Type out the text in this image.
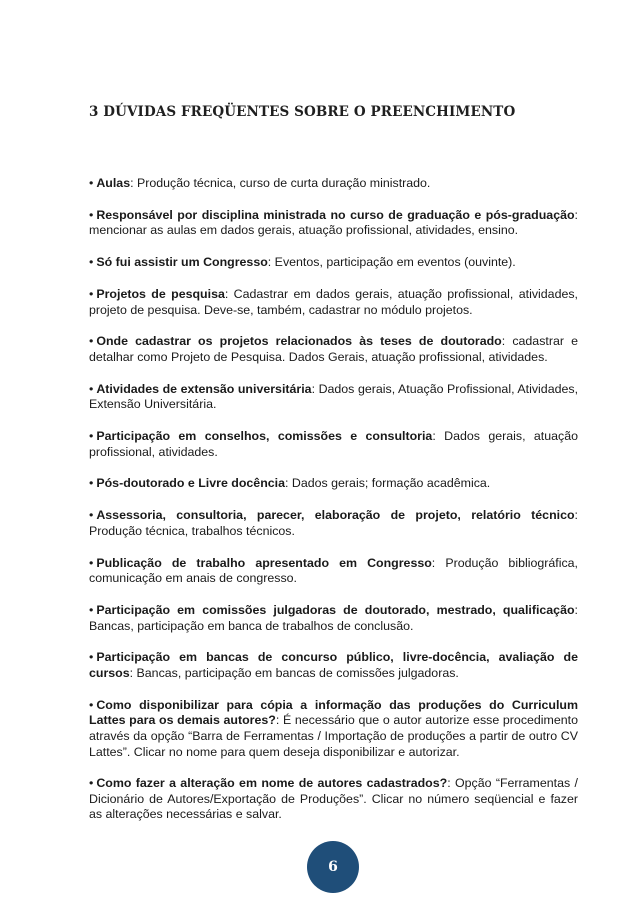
3 DÚVIDAS FREQÜENTES SOBRE O PREENCHIMENTO

• Aulas: Produção técnica, curso de curta duração ministrado.

• Responsável por disciplina ministrada no curso de graduação e pós-graduação: mencionar as aulas em dados gerais, atuação profissional, atividades, ensino.

• Só fui assistir um Congresso: Eventos, participação em eventos (ouvinte).

• Projetos de pesquisa: Cadastrar em dados gerais, atuação profissional, atividades, projeto de pesquisa. Deve-se, também, cadastrar no módulo projetos.

• Onde cadastrar os projetos relacionados às teses de doutorado: cadastrar e detalhar como Projeto de Pesquisa. Dados Gerais, atuação profissional, atividades.

• Atividades de extensão universitária: Dados gerais, Atuação Profissional, Atividades, Extensão Universitária.

• Participação em conselhos, comissões e consultoria: Dados gerais, atuação profissional, atividades.

• Pós-doutorado e Livre docência: Dados gerais; formação acadêmica.

• Assessoria, consultoria, parecer, elaboração de projeto, relatório técnico: Produção técnica, trabalhos técnicos.

• Publicação de trabalho apresentado em Congresso: Produção bibliográfica, comunicação em anais de congresso.

• Participação em comissões julgadoras de doutorado, mestrado, qualificação: Bancas, participação em banca de trabalhos de conclusão.

• Participação em bancas de concurso público, livre-docência, avaliação de cursos: Bancas, participação em bancas de comissões julgadoras.

• Como disponibilizar para cópia a informação das produções do Curriculum Lattes para os demais autores?: É necessário que o autor autorize esse procedimento através da opção “Barra de Ferramentas / Importação de produções a partir de outro CV Lattes”. Clicar no nome para quem deseja disponibilizar e autorizar.

• Como fazer a alteração em nome de autores cadastrados?: Opção “Ferramentas / Dicionário de Autores/Exportação de Produções”. Clicar no número seqüencial e fazer as alterações necessárias e salvar.

6
